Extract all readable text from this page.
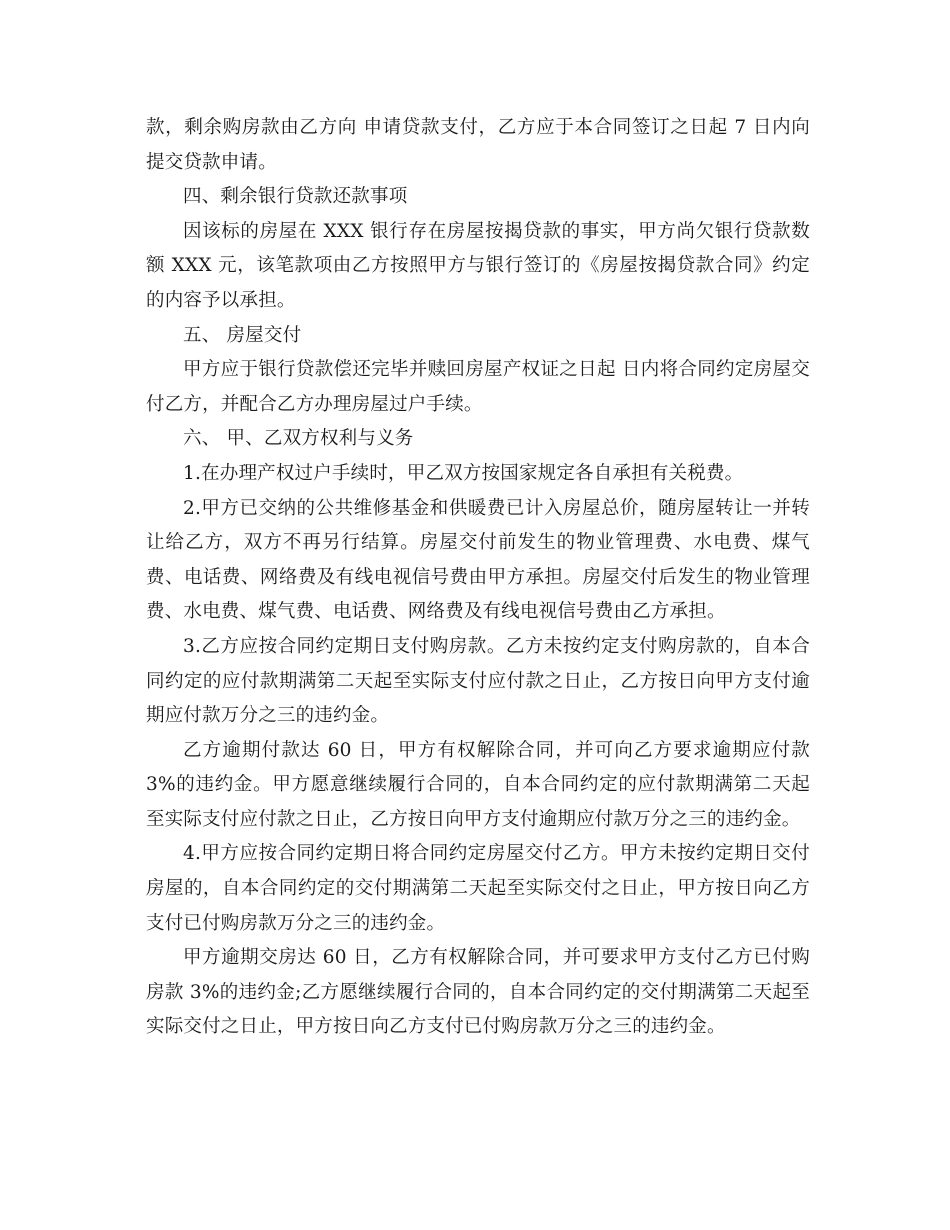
款，剩余购房款由乙方向 申请贷款支付，乙方应于本合同签订之日起 7 日内向 提交贷款申请。

四、剩余银行贷款还款事项

因该标的房屋在 XXX 银行存在房屋按揭贷款的事实，甲方尚欠银行贷款数额 XXX 元，该笔款项由乙方按照甲方与银行签订的《房屋按揭贷款合同》约定的内容予以承担。

五、 房屋交付

甲方应于银行贷款偿还完毕并赎回房屋产权证之日起 日内将合同约定房屋交付乙方，并配合乙方办理房屋过户手续。

六、 甲、乙双方权利与义务

1.在办理产权过户手续时，甲乙双方按国家规定各自承担有关税费。

2.甲方已交纳的公共维修基金和供暖费已计入房屋总价，随房屋转让一并转让给乙方，双方不再另行结算。房屋交付前发生的物业管理费、水电费、煤气费、电话费、网络费及有线电视信号费由甲方承担。房屋交付后发生的物业管理费、水电费、煤气费、电话费、网络费及有线电视信号费由乙方承担。

3.乙方应按合同约定期日支付购房款。乙方未按约定支付购房款的，自本合同约定的应付款期满第二天起至实际支付应付款之日止，乙方按日向甲方支付逾期应付款万分之三的违约金。

乙方逾期付款达 60 日，甲方有权解除合同，并可向乙方要求逾期应付款 3%的违约金。甲方愿意继续履行合同的，自本合同约定的应付款期满第二天起至实际支付应付款之日止，乙方按日向甲方支付逾期应付款万分之三的违约金。

4.甲方应按合同约定期日将合同约定房屋交付乙方。甲方未按约定期日交付房屋的，自本合同约定的交付期满第二天起至实际交付之日止，甲方按日向乙方支付已付购房款万分之三的违约金。

甲方逾期交房达 60 日，乙方有权解除合同，并可要求甲方支付乙方已付购房款 3%的违约金;乙方愿继续履行合同的，自本合同约定的交付期满第二天起至实际交付之日止，甲方按日向乙方支付已付购房款万分之三的违约金。
